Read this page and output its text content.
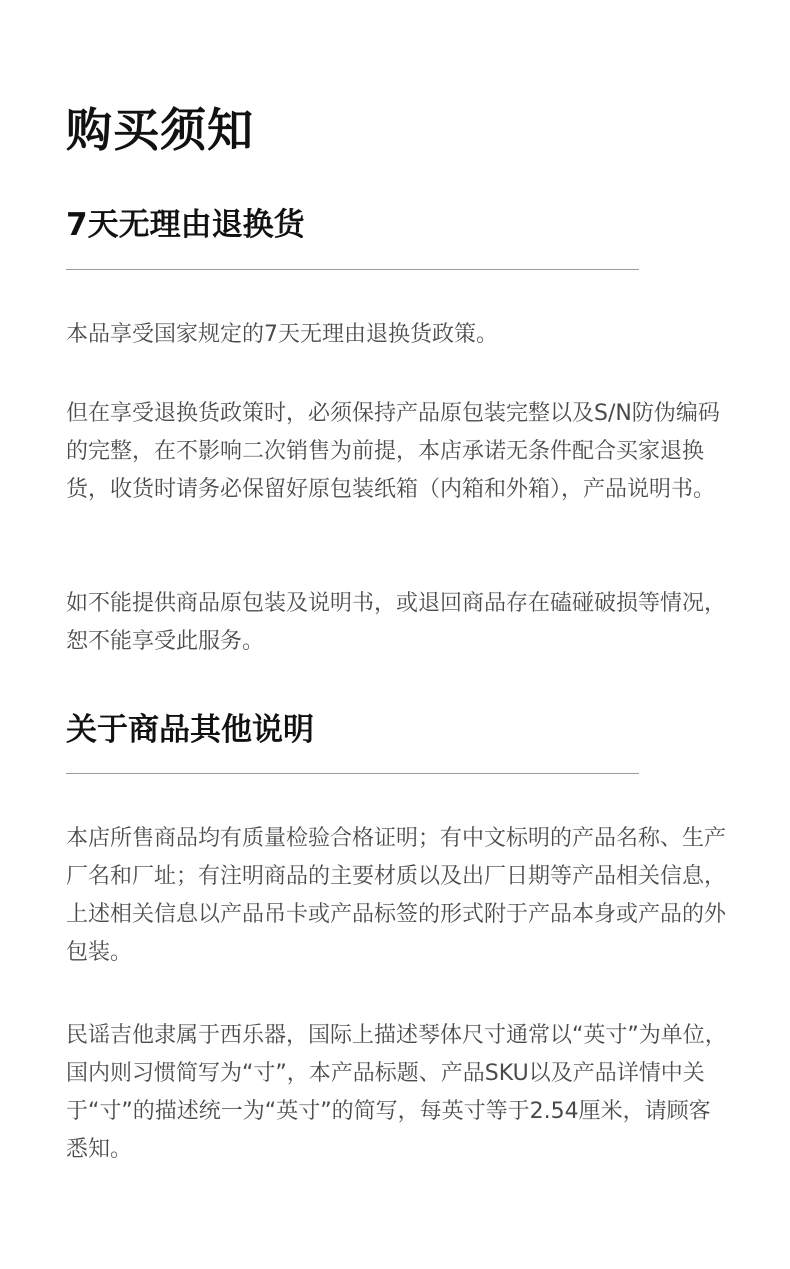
购买须知
7天无理由退换货

本品享受国家规定的7天无理由退换货政策。

但在享受退换货政策时，必须保持产品原包装完整以及S/N防伪编码的完整，在不影响二次销售为前提，本店承诺无条件配合买家退换货，收货时请务必保留好原包装纸箱（内箱和外箱），产品说明书。

如不能提供商品原包装及说明书，或退回商品存在磕碰破损等情况，恕不能享受此服务。

关于商品其他说明

本店所售商品均有质量检验合格证明；有中文标明的产品名称、生产厂名和厂址；有注明商品的主要材质以及出厂日期等产品相关信息，上述相关信息以产品吊卡或产品标签的形式附于产品本身或产品的外包装。

民谣吉他隶属于西乐器，国际上描述琴体尺寸通常以“英寸”为单位，国内则习惯简写为“寸”，本产品标题、产品SKU以及产品详情中关于“寸”的描述统一为“英寸”的简写，每英寸等于2.54厘米，请顾客悉知。
